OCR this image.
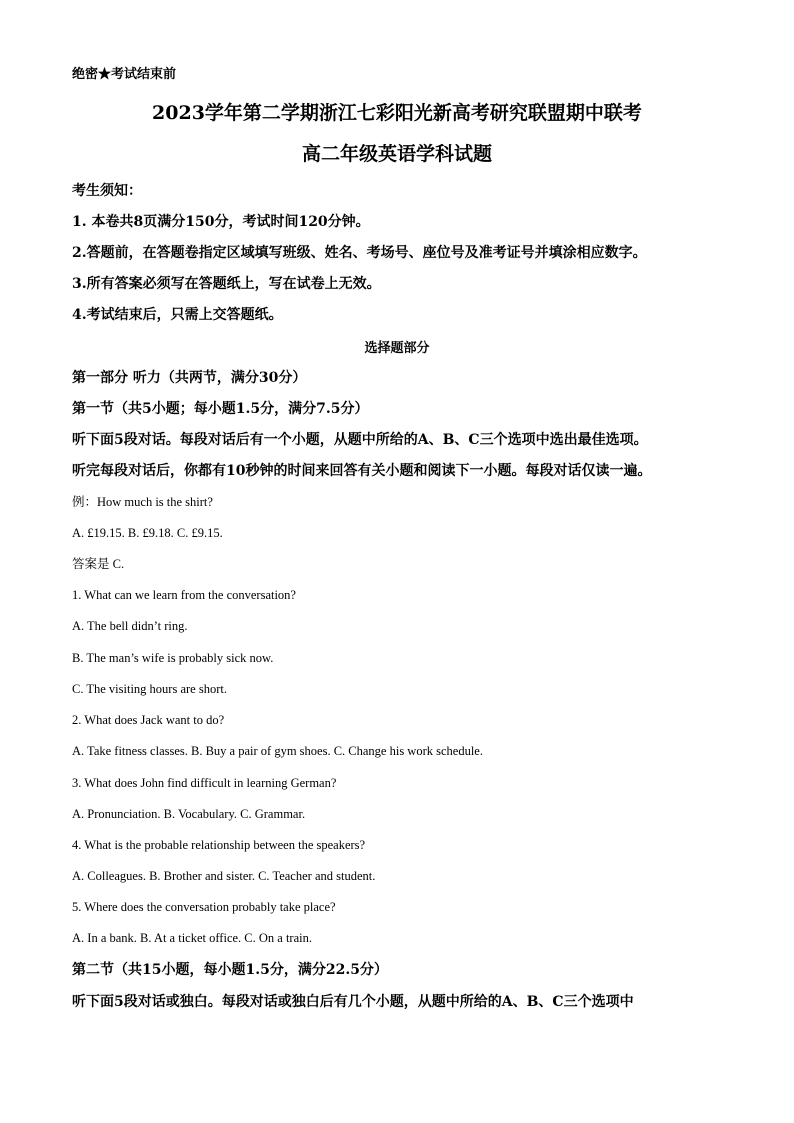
绝密★考试结束前
2023学年第二学期浙江七彩阳光新高考研究联盟期中联考
高二年级英语学科试题
考生须知：
1. 本卷共8页满分150分，考试时间120分钟。
2.答题前，在答题卷指定区域填写班级、姓名、考场号、座位号及准考证号并填涂相应数字。
3.所有答案必须写在答题纸上，写在试卷上无效。
4.考试结束后，只需上交答题纸。
选择题部分
第一部分 听力（共两节，满分30分）
第一节（共5小题；每小题1.5分，满分7.5分）
听下面5段对话。每段对话后有一个小题，从题中所给的A、B、C三个选项中选出最佳选项。
听完每段对话后，你都有10秒钟的时间来回答有关小题和阅读下一小题。每段对话仅读一遍。
例：How much is the shirt?
A. £19.15. B. £9.18. C. £9.15.
答案是 C.
1. What can we learn from the conversation?
A. The bell didn’t ring.
B. The man’s wife is probably sick now.
C. The visiting hours are short.
2. What does Jack want to do?
A. Take fitness classes. B. Buy a pair of gym shoes. C. Change his work schedule.
3. What does John find difficult in learning German?
A. Pronunciation. B. Vocabulary. C. Grammar.
4. What is the probable relationship between the speakers?
A. Colleagues. B. Brother and sister. C. Teacher and student.
5. Where does the conversation probably take place?
A. In a bank. B. At a ticket office. C. On a train.
第二节（共15小题，每小题1.5分，满分22.5分）
听下面5段对话或独白。每段对话或独白后有几个小题，从题中所给的A、B、C三个选项中
